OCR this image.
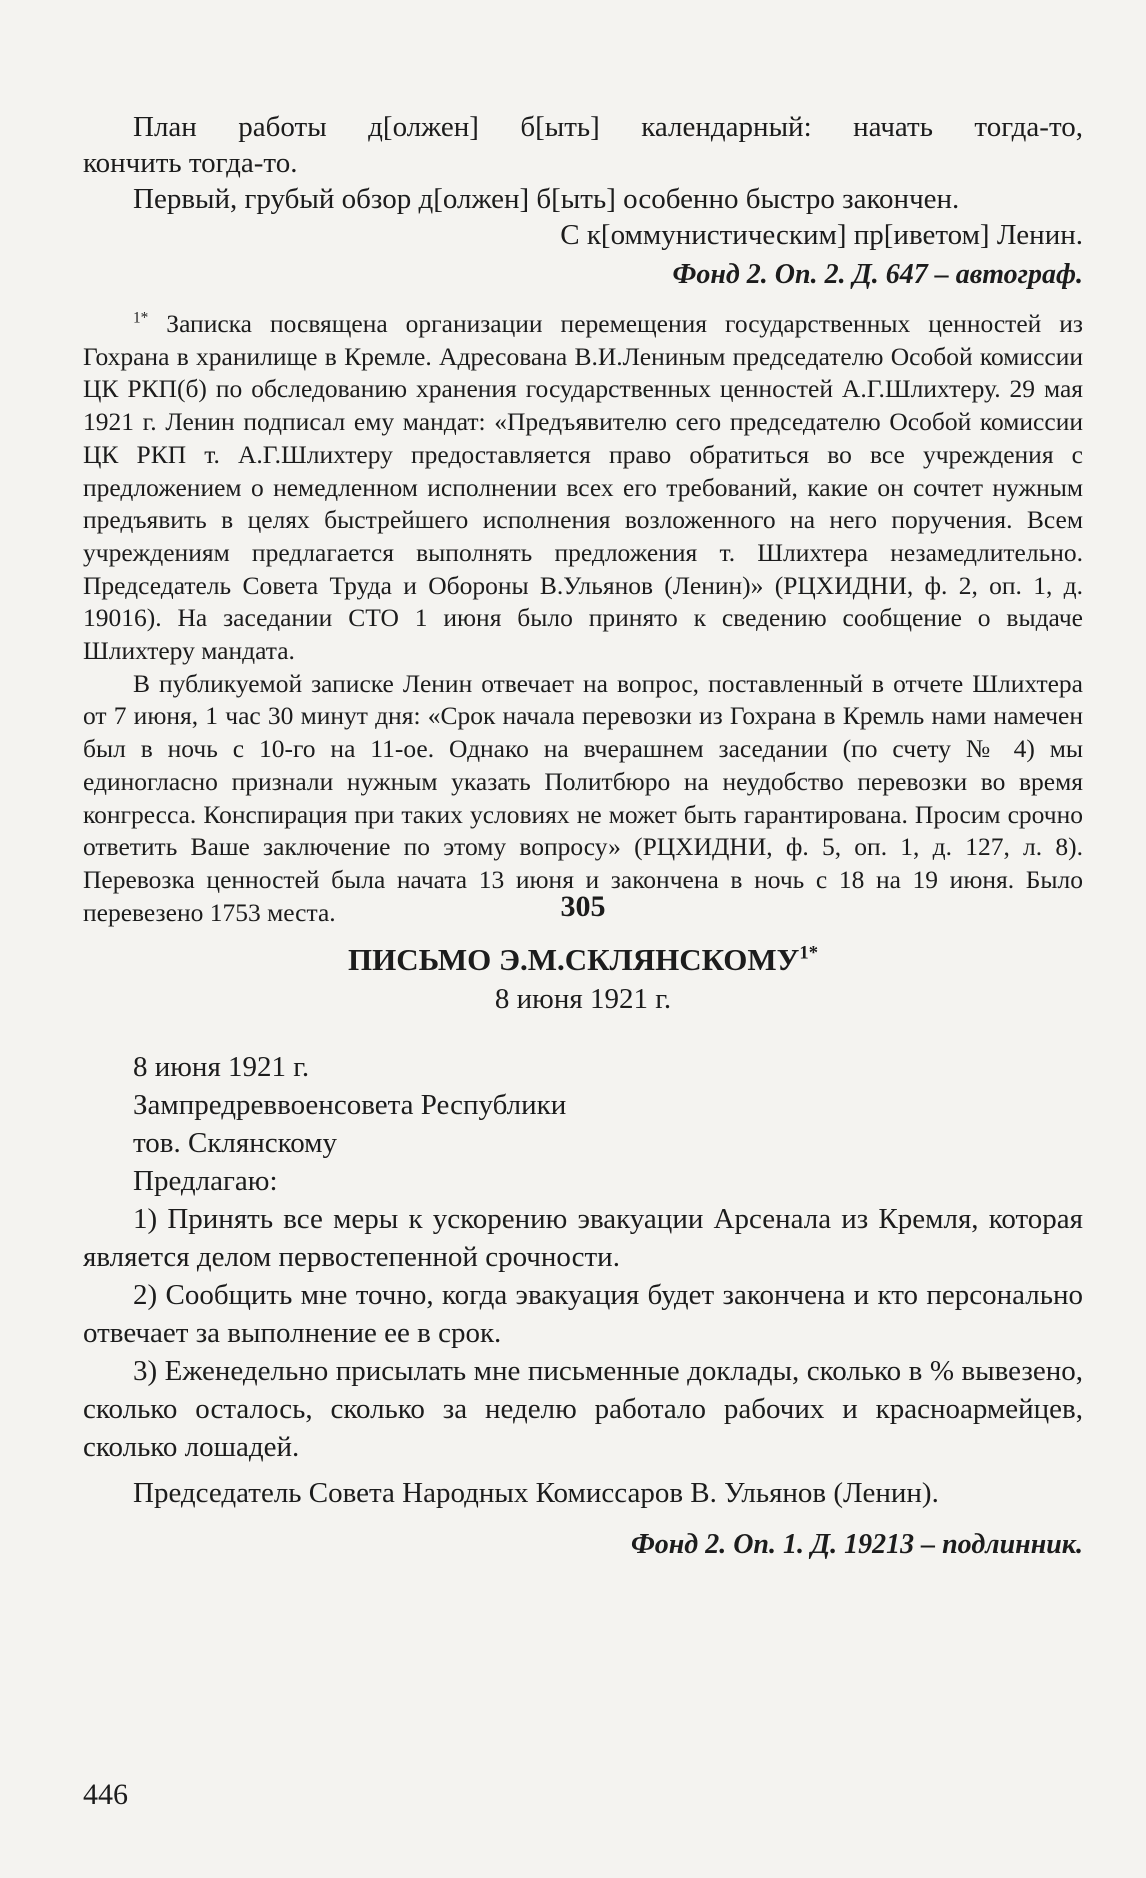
План работы д[олжен] б[ыть] календарный: начать тогда-то,

кончить тогда-то.

Первый, грубый обзор д[олжен] б[ыть] особенно быстро закончен.

С к[оммунистическим] пр[иветом] Ленин.

Фонд 2. Оп. 2. Д. 647 – автограф.

$^{1*}$ Записка посвящена организации перемещения государственных ценностей из Гохрана в хранилище в Кремле. Адресована В.И.Лениным председателю Особой комиссии ЦК РКП(б) по обследованию хранения государственных ценностей А.Г.Шлихтеру. 29 мая 1921 г. Ленин подписал ему мандат: «Предъявителю сего председателю Особой комиссии ЦК РКП т. А.Г.Шлихтеру предоставляется право обратиться во все учреждения с предложением о немедленном исполнении всех его требований, какие он сочтет нужным предъявить в целях быстрейшего исполнения возложенного на него поручения. Всем учреждениям предлагается выполнять предложения т. Шлихтера незамедлительно. Председатель Совета Труда и Обороны В.Ульянов (Ленин)» (РЦХИДНИ, ф. 2, оп. 1, д. 19016). На заседании СТО 1 июня было принято к сведению сообщение о выдаче Шлихтеру мандата.

В публикуемой записке Ленин отвечает на вопрос, поставленный в отчете Шлихтера от 7 июня, 1 час 30 минут дня: «Срок начала перевозки из Гохрана в Кремль нами намечен был в ночь с 10-го на 11-ое. Однако на вчерашнем заседании (по счету № 4) мы единогласно признали нужным указать Политбюро на неудобство перевозки во время конгресса. Конспирация при таких условиях не может быть гарантирована. Просим срочно ответить Ваше заключение по этому вопросу» (РЦХИДНИ, ф. 5, оп. 1, д. 127, л. 8). Перевозка ценностей была начата 13 июня и закончена в ночь с 18 на 19 июня. Было перевезено 1753 места.	305

ПИСЬМО $Э.М.СКЛЯНСКОМУ^{1*}$

8 июня 1921 г.

8 июня 1921 г.

Зампредреввоенсовета Республики

тов. Склянскому

Предлагаю:

1) Принять все меры к ускорению эвакуации Арсенала из Кремля, которая является делом первостепенной срочности.

2) Сообщить мне точно, когда эвакуация будет закончена и кто персонально отвечает за выполнение ее в срок.

3) Еженедельно присылать мне письменные доклады, сколько в % вывезено, сколько осталось, сколько за неделю работало рабочих и красноармейцев, сколько лошадей.

Председатель Совета Народных Комиссаров В. Ульянов (Ленин).

Фонд 2. Оп. 1. Д. 19213 – подлинник.

446
